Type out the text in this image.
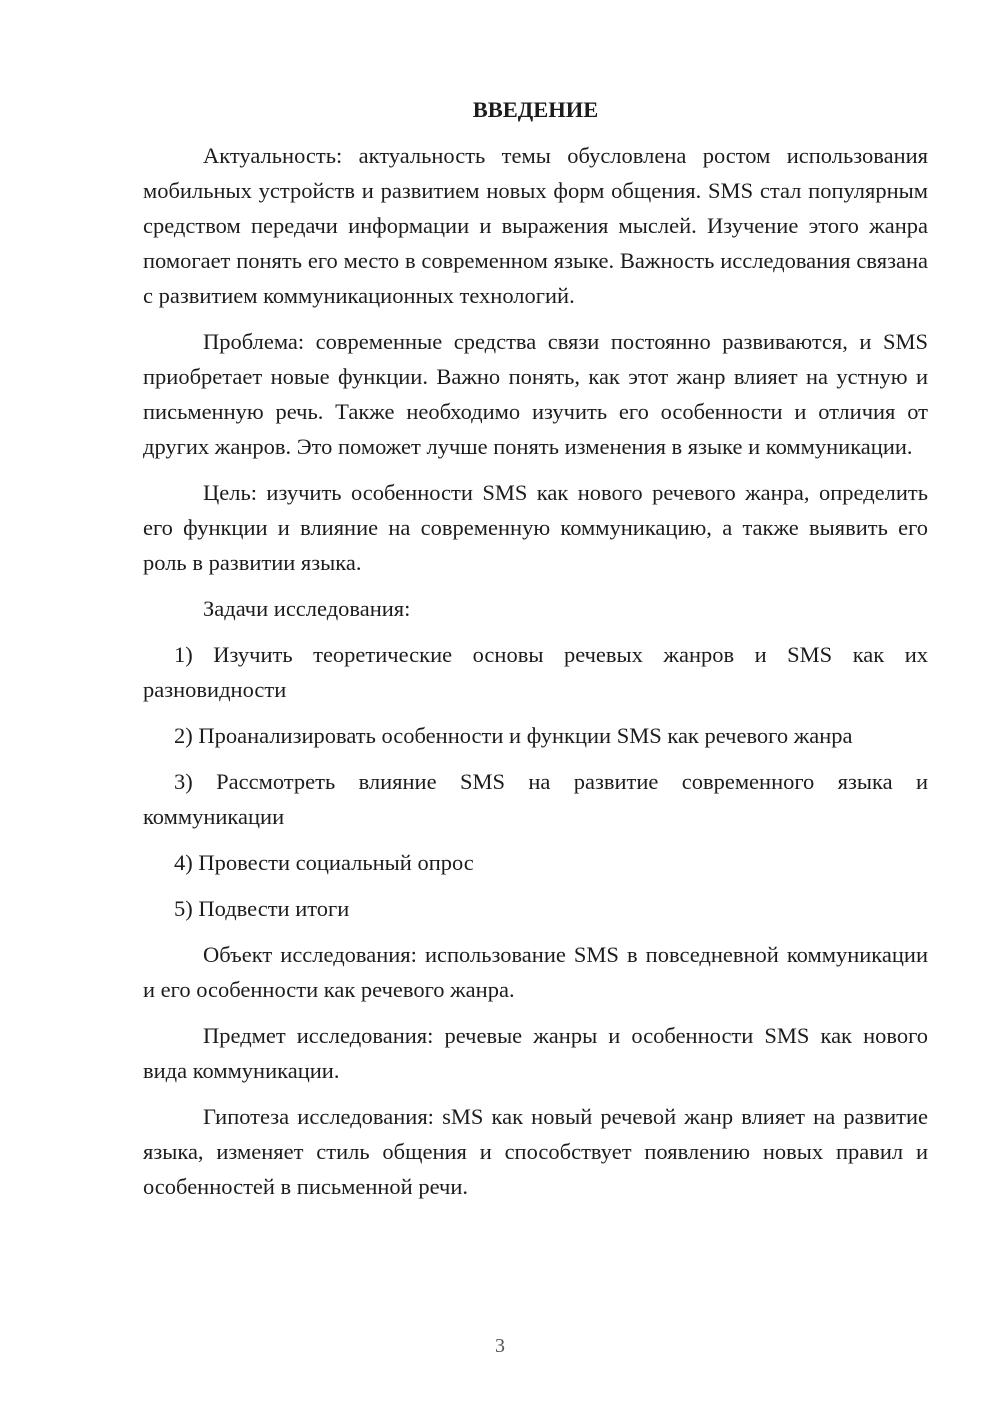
ВВЕДЕНИЕ

Актуальность: актуальность темы обусловлена ростом использования мобильных устройств и развитием новых форм общения. SMS стал популярным средством передачи информации и выражения мыслей. Изучение этого жанра помогает понять его место в современном языке. Важность исследования связана с развитием коммуникационных технологий.

Проблема: современные средства связи постоянно развиваются, и SMS приобретает новые функции. Важно понять, как этот жанр влияет на устную и письменную речь. Также необходимо изучить его особенности и отличия от других жанров. Это поможет лучше понять изменения в языке и коммуникации.

Цель: изучить особенности SMS как нового речевого жанра, определить его функции и влияние на современную коммуникацию, а также выявить его роль в развитии языка.

Задачи исследования:

1) Изучить теоретические основы речевых жанров и SMS как их разновидности

2) Проанализировать особенности и функции SMS как речевого жанра

3) Рассмотреть влияние SMS на развитие современного языка и коммуникации

4) Провести социальный опрос

5) Подвести итоги

Объект исследования: использование SMS в повседневной коммуникации и его особенности как речевого жанра.

Предмет исследования: речевые жанры и особенности SMS как нового вида коммуникации.

Гипотеза исследования: sMS как новый речевой жанр влияет на развитие языка, изменяет стиль общения и способствует появлению новых правил и особенностей в письменной речи.

3
